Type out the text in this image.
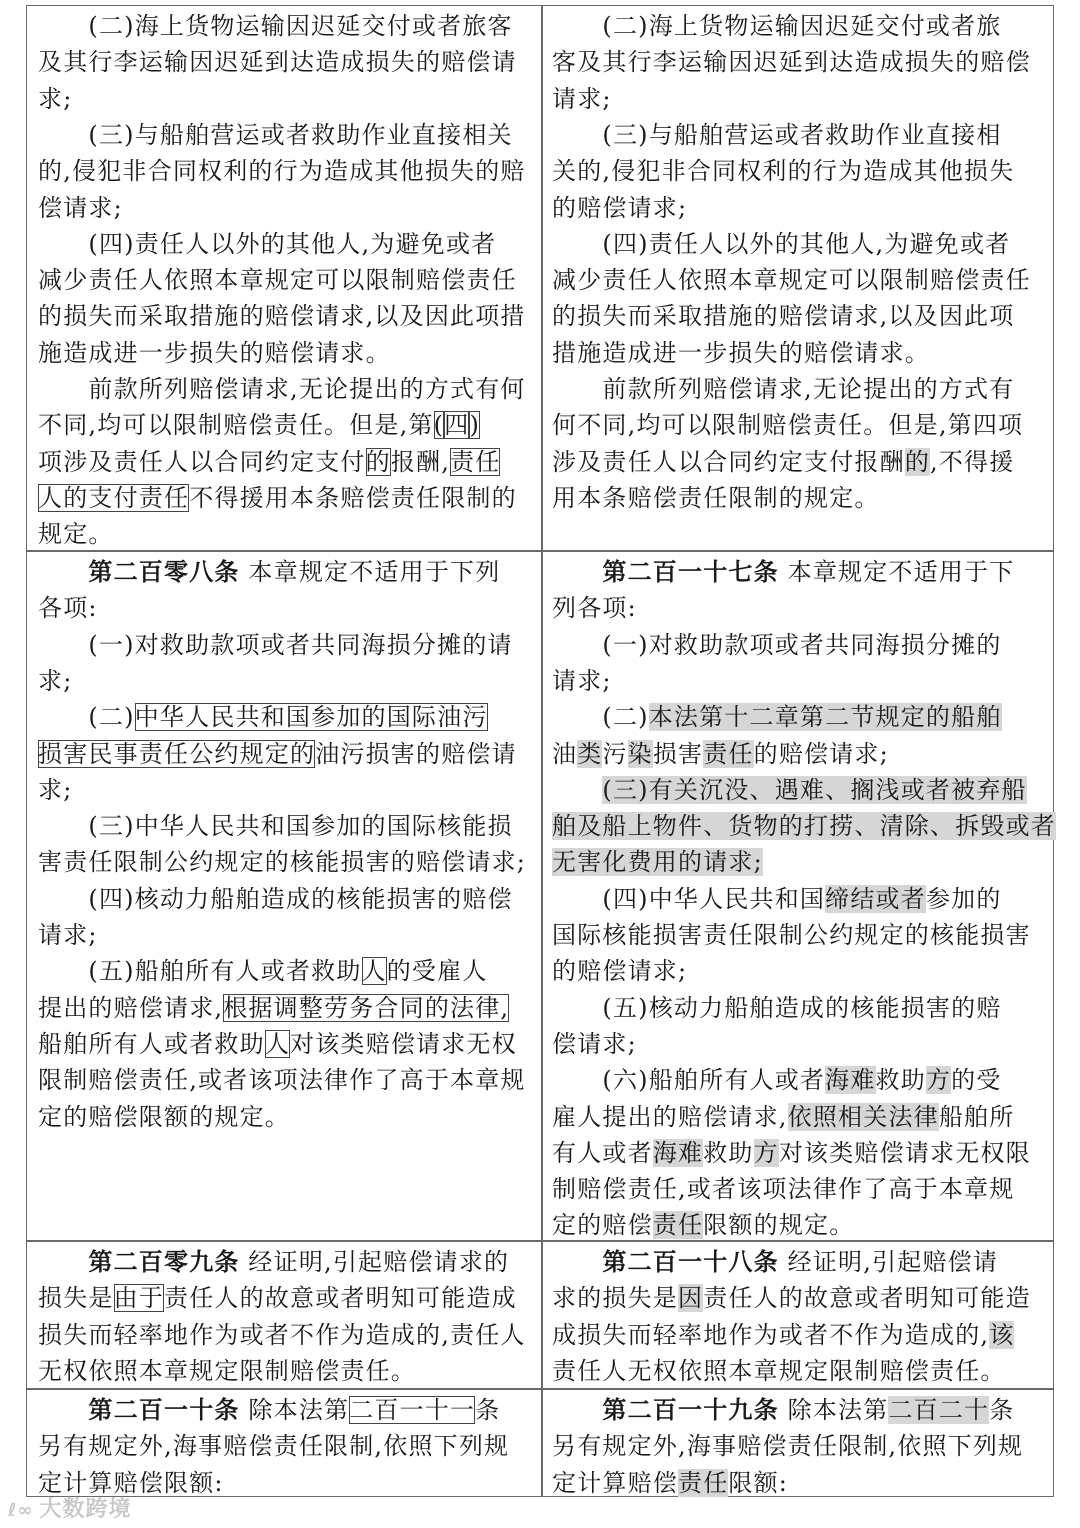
(二)海上货物运输因迟延交付或者旅客
及其行李运输因迟延到达造成损失的赔偿请
求;
(三)与船舶营运或者救助作业直接相关
的,侵犯非合同权利的行为造成其他损失的赔
偿请求;
(四)责任人以外的其他人,为避免或者
减少责任人依照本章规定可以限制赔偿责任
的损失而采取措施的赔偿请求,以及因此项措
施造成进一步损失的赔偿请求。
前款所列赔偿请求,无论提出的方式有何
不同,均可以限制赔偿责任。但是,第(四)
项涉及责任人以合同约定支付的报酬,责任
人的支付责任不得援用本条赔偿责任限制的
规定。
(二)海上货物运输因迟延交付或者旅
客及其行李运输因迟延到达造成损失的赔偿
请求;
(三)与船舶营运或者救助作业直接相
关的,侵犯非合同权利的行为造成其他损失
的赔偿请求;
(四)责任人以外的其他人,为避免或者
减少责任人依照本章规定可以限制赔偿责任
的损失而采取措施的赔偿请求,以及因此项
措施造成进一步损失的赔偿请求。
前款所列赔偿请求,无论提出的方式有
何不同,均可以限制赔偿责任。但是,第四项
涉及责任人以合同约定支付报酬的,不得援
用本条赔偿责任限制的规定。
第二百零八条 本章规定不适用于下列
各项:
(一)对救助款项或者共同海损分摊的请
求;
(二)中华人民共和国参加的国际油污
损害民事责任公约规定的油污损害的赔偿请
求;
(三)中华人民共和国参加的国际核能损
害责任限制公约规定的核能损害的赔偿请求;
(四)核动力船舶造成的核能损害的赔偿
请求;
(五)船舶所有人或者救助人的受雇人
提出的赔偿请求,根据调整劳务合同的法律,
船舶所有人或者救助人对该类赔偿请求无权
限制赔偿责任,或者该项法律作了高于本章规
定的赔偿限额的规定。
第二百一十七条 本章规定不适用于下
列各项:
(一)对救助款项或者共同海损分摊的
请求;
(二)本法第十二章第二节规定的船舶
油类污染损害责任的赔偿请求;
(三)有关沉没、遇难、搁浅或者被弃船
舶及船上物件、货物的打捞、清除、拆毁或者
无害化费用的请求;
(四)中华人民共和国缔结或者参加的
国际核能损害责任限制公约规定的核能损害
的赔偿请求;
(五)核动力船舶造成的核能损害的赔
偿请求;
(六)船舶所有人或者海难救助方的受
雇人提出的赔偿请求,依照相关法律船舶所
有人或者海难救助方对该类赔偿请求无权限
制赔偿责任,或者该项法律作了高于本章规
定的赔偿责任限额的规定。
第二百零九条 经证明,引起赔偿请求的
损失是由于责任人的故意或者明知可能造成
损失而轻率地作为或者不作为造成的,责任人
无权依照本章规定限制赔偿责任。
第二百一十八条 经证明,引起赔偿请
求的损失是因责任人的故意或者明知可能造
成损失而轻率地作为或者不作为造成的,该
责任人无权依照本章规定限制赔偿责任。
第二百一十条 除本法第二百一十一条
另有规定外,海事赔偿责任限制,依照下列规
定计算赔偿限额:
第二百一十九条 除本法第二百二十条
另有规定外,海事赔偿责任限制,依照下列规
定计算赔偿责任限额:
ℓ∞ 大数跨境
